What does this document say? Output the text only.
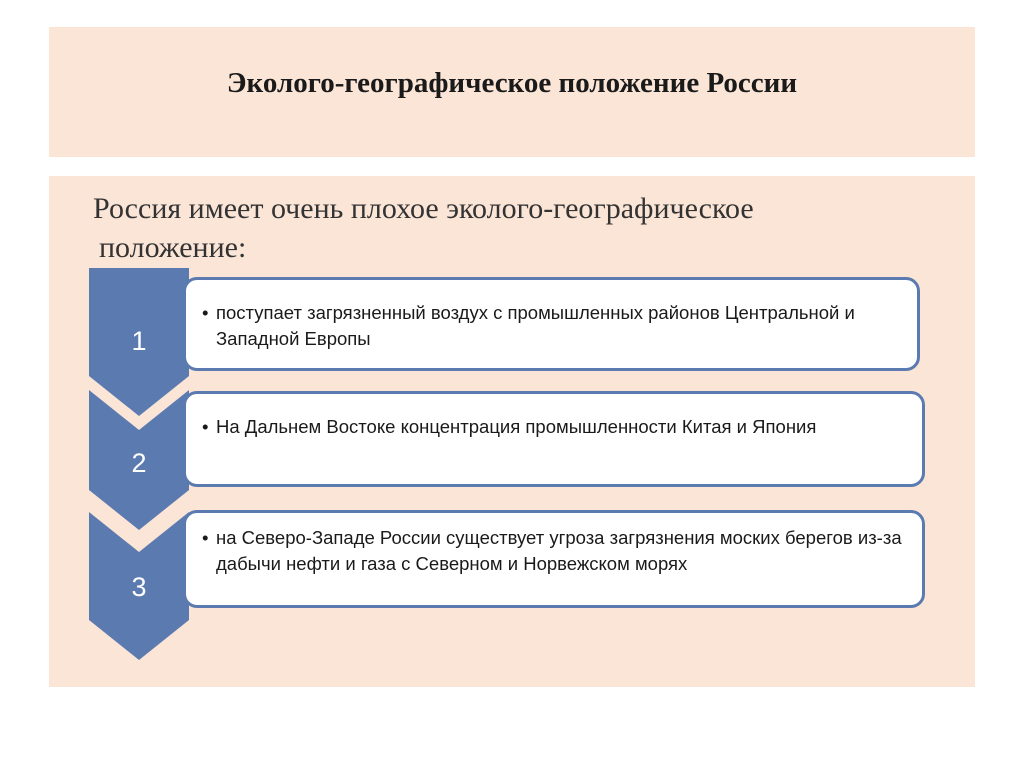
Эколого-географическое положение России
Россия имеет очень плохое эколого-географическое
положение:
1
2
3
• поступает загрязненный воздух с промышленных районов Центральной и Западной Европы
• На Дальнем Востоке концентрация промышленности Китая и Япония
• на Северо-Западе России существует угроза загрязнения моских берегов из-за дабычи нефти и газа с Северном и Норвежском морях
